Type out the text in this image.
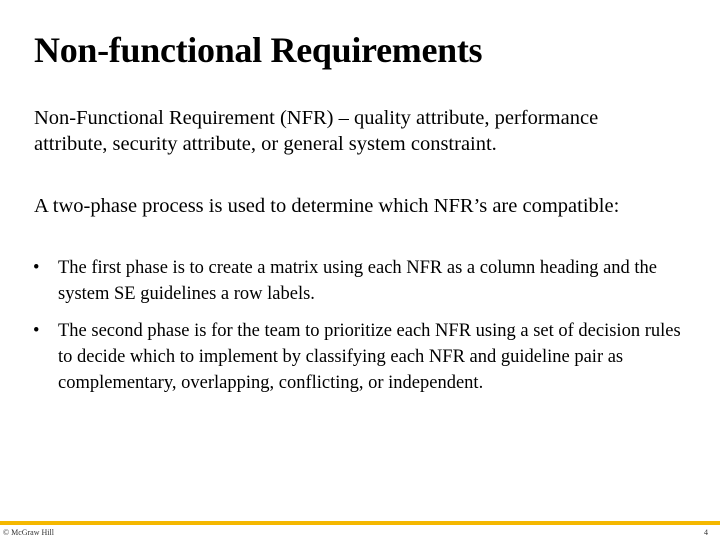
Non-functional Requirements

Non-Functional Requirement (NFR) – quality attribute, performance attribute, security attribute, or general system constraint.

A two-phase process is used to determine which NFR’s are compatible:

•	The first phase is to create a matrix using each NFR as a column heading and the system SE guidelines a row labels.
•	The second phase is for the team to prioritize each NFR using a set of decision rules to decide which to implement by classifying each NFR and guideline pair as complementary, overlapping, conflicting, or independent.
© McGraw Hill	4
